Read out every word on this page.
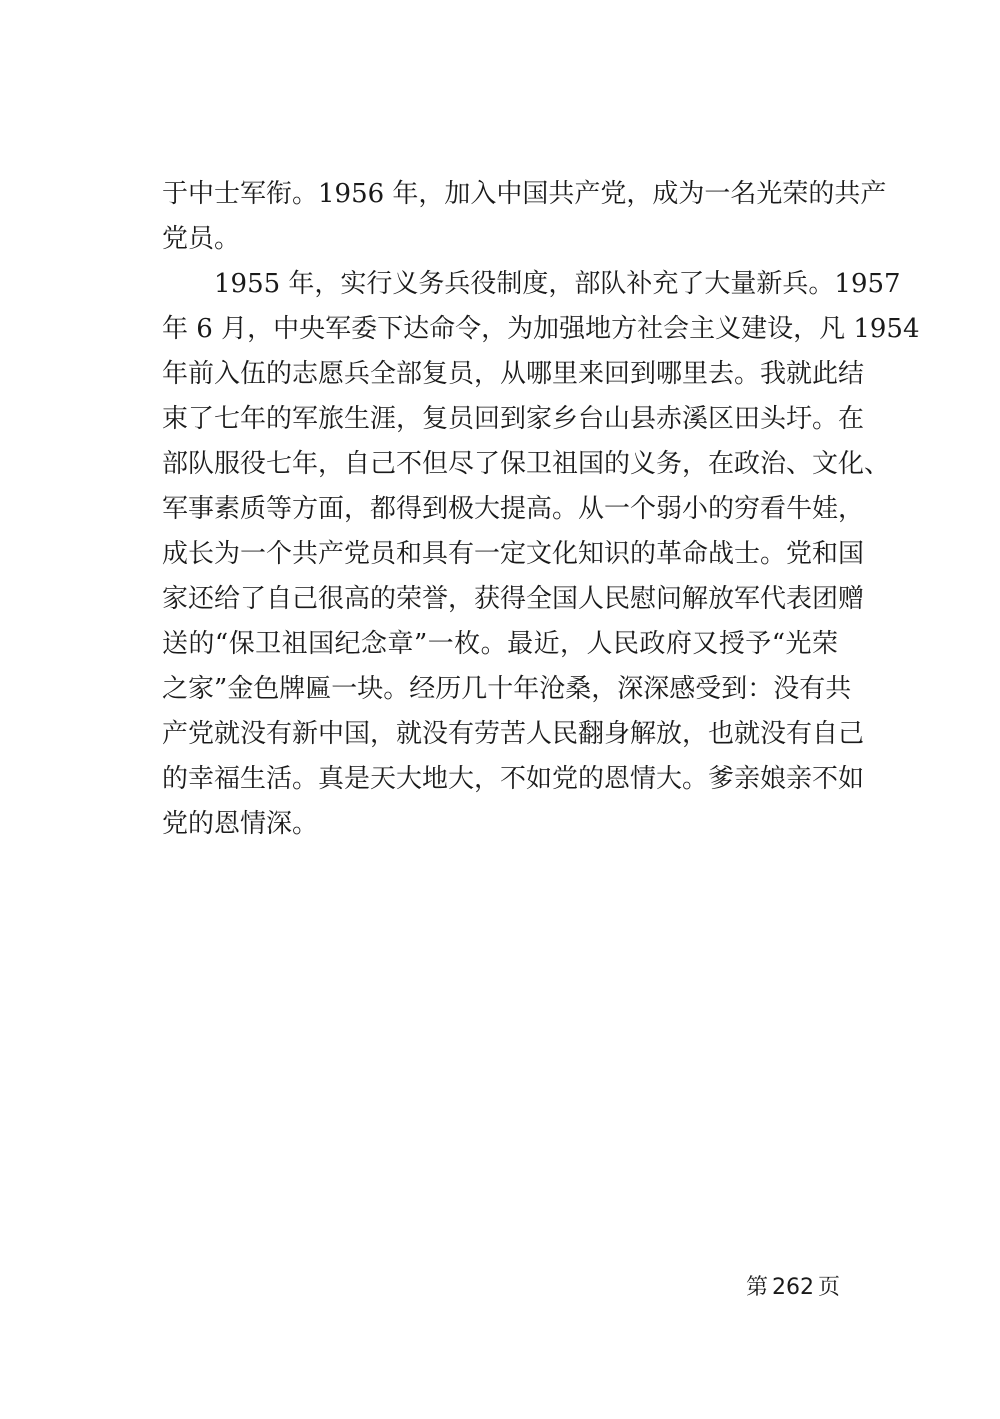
于中士军衔。1956 年，加入中国共产党，成为一名光荣的共产
党员。
　　1955 年，实行义务兵役制度，部队补充了大量新兵。1957
年 6 月，中央军委下达命令，为加强地方社会主义建设，凡 1954
年前入伍的志愿兵全部复员，从哪里来回到哪里去。我就此结
束了七年的军旅生涯，复员回到家乡台山县赤溪区田头圩。在
部队服役七年，自己不但尽了保卫祖国的义务，在政治、文化、
军事素质等方面，都得到极大提高。从一个弱小的穷看牛娃，
成长为一个共产党员和具有一定文化知识的革命战士。党和国
家还给了自己很高的荣誉，获得全国人民慰问解放军代表团赠
送的“保卫祖国纪念章”一枚。最近，人民政府又授予“光荣
之家”金色牌匾一块。经历几十年沧桑，深深感受到：没有共
产党就没有新中国，就没有劳苦人民翻身解放，也就没有自己
的幸福生活。真是天大地大，不如党的恩情大。爹亲娘亲不如
党的恩情深。
第 262 页
